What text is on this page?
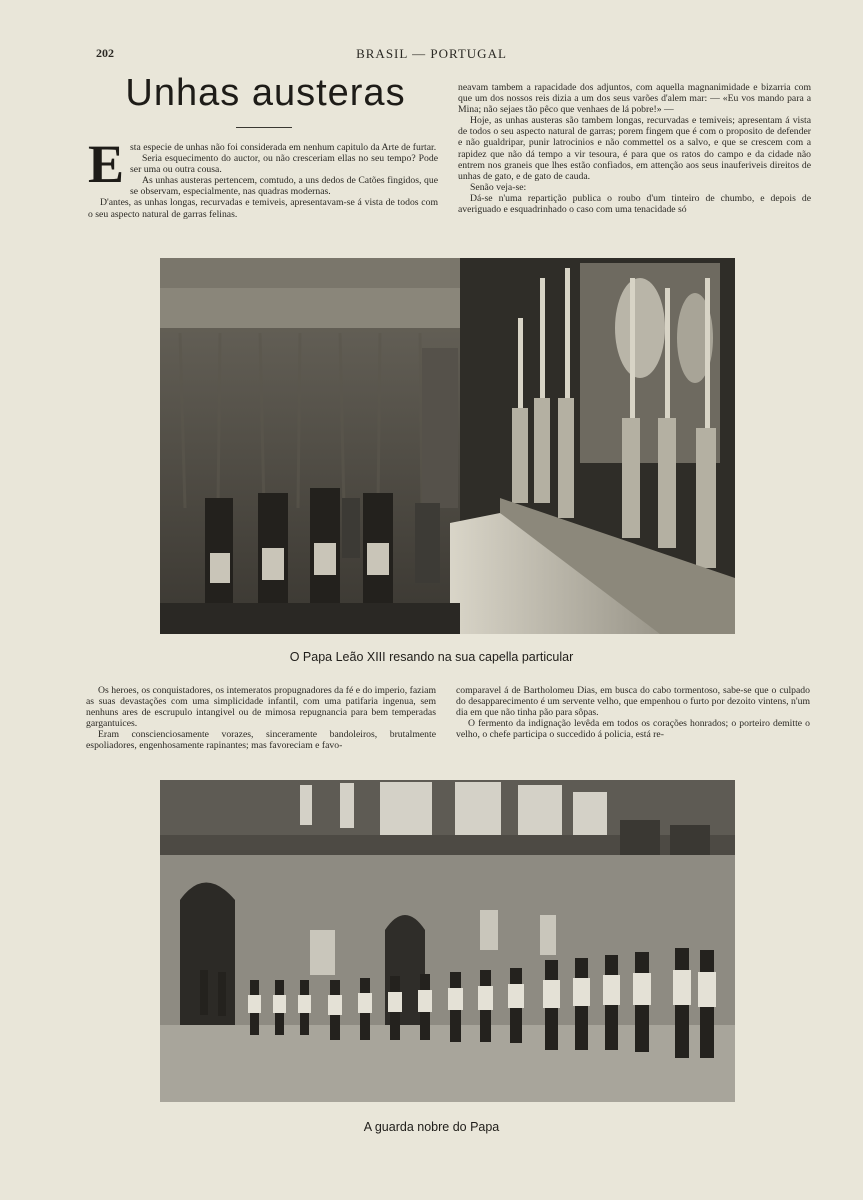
202	BRASIL — PORTUGAL
Unhas austeras
E sta especie de unhas não foi considerada em nenhum capitulo da Arte de furtar.

Seria esquecimento do auctor, ou não cresceriam ellas no seu tempo? Pode ser uma ou outra cousa.

As unhas austeras pertencem, comtudo, a uns dedos de Catões fingidos, que se observam, especialmente, nas quadras modernas.

D'antes, as unhas longas, recurvadas e temiveis, apresentavam-se á vista de todos com o seu aspecto natural de garras felinas.

neavam tambem a rapacidade dos adjuntos, com aquella magnanimidade e bizarria com que um dos nossos reis dizia a um dos seus varões d'alem mar: — «Eu vos mando para a Mina; não sejaes tão pêco que venhaes de lá pobre!» —

Hoje, as unhas austeras são tambem longas, recurvadas e temiveis; apresentam á vista de todos o seu aspecto natural de garras; porem fingem que é com o proposito de defender e não gualdripar, punir latrocinios e não commettel os a salvo, e que se crescem com a rapidez que não dá tempo a vir tesoura, é para que os ratos do campo e da cidade não entrem nos graneis que lhes estão confiados, em attenção aos seus inauferiveis direitos de unhas de gato, e de gato de cauda.

Senão veja-se:

Dá-se n'uma repartição publica o roubo d'um tinteiro de chumbo, e depois de averiguado e esquadrinhado o caso com uma tenacidade só

O Papa Leão XIII resando na sua capella particular

Os heroes, os conquistadores, os intemeratos propugnadores da fé e do imperio, faziam as suas devastações com uma simplicidade infantil, com uma patifaria ingenua, sem nenhuns ares de escrupulo intangivel ou de mimosa repugnancia para bem temperadas gargantuices.

Eram conscienciosamente vorazes, sinceramente bandoleiros, brutalmente espoliadores, engenhosamente rapinantes; mas favoreciam e favo-

comparavel á de Bartholomeu Dias, em busca do cabo tormentoso, sabe-se que o culpado do desapparecimento é um servente velho, que empenhou o furto por dezoito vintens, n'um dia em que não tinha pão para sôpas.

O fermento da indignação levêda em todos os corações honrados; o porteiro demitte o velho, o chefe participa o succedido á policia, está re-

A guarda nobre do Papa
